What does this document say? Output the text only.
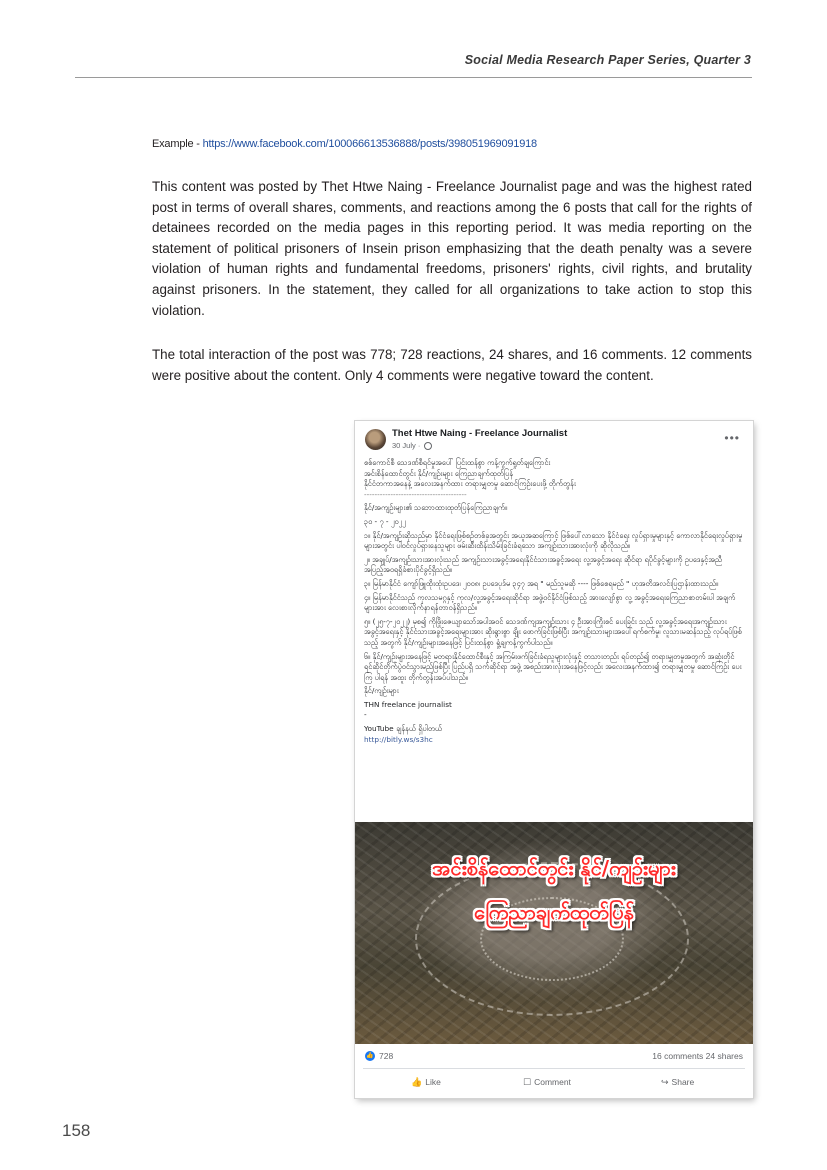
Social Media Research Paper Series, Quarter 3
Example - https://www.facebook.com/100066613536888/posts/398051969091918

This content was posted by Thet Htwe Naing - Freelance Journalist page and was the highest rated post in terms of overall shares, comments, and reactions among the 6 posts that call for the rights of detainees recorded on the media pages in this reporting period. It was media reporting on the statement of political prisoners of Insein prison emphasizing that the death penalty was a severe violation of human rights and fundamental freedoms, prisoners' rights, civil rights, and brutality against prisoners. In the statement, they called for all organizations to take action to stop this violation.

The total interaction of the post was 778; 728 reactions, 24 shares, and 16 comments. 12 comments were positive about the content. Only 4 comments were negative toward the content.

Thet Htwe Naing - Freelance Journalist
30 July ·
•••
စစ်ကောင်စီ သေဒဏ်စီရင်မှုအပေါ် ပြင်းထန်စွာ ကန့်ကွက်ရှုတ်ချကြောင်း
အင်းစိန်ထောင်တွင်း နိုင်/ကျဉ်းများ ကြေညာချက်ထုတ်ပြန်
နိုင်ငံတကာအနေနဲ့ အလေးအနက်ထား တရားမျှတမှု ဆောင်ကြဉ်းပေးဖို့ တိုက်တွန်း
---------------------------------------
နိုင်/အကျဉ်းများ၏ သဘောထားထုတ်ပြန်ကြေညာချက်။
၃၀ - ၇ - ၂၀၂၂
၁။ နိုင်/အကျဉ်းဆိုသည်မှာ နိုင်ငံရေးဖြစ်စဉ်တစ်ခုအတွင်း အယူအဆကြောင့် ဖြစ်ပေါ်လာသော နိုင်ငံရေး လှုပ်ရှားမှုများနှင့် ကောလာနိုင်ရေးလှုပ်ရှားမှုများအတွင်း ပါဝင်လှုပ်ရှားနေသူများ ဖမ်းဆီးထိန်းသိမ်းခြင်းခံရသော အကျဉ်းသားအားလုံးကို ဆိုလိုသည်။
၂။ အချုပ်/အကျဉ်းသားအားလုံးသည် အကျဉ်းသားအခွင့်အရေးနိုင်ငံသားအခွင့်အရေး လူ့အခွင့်အရေး ဆိုင်ရာ ရပိုင်ခွင့်များကို ဥပဒေနှင့်အညီ အပြည့်အဝရရှိခံစားပိုင်ခွင့်ရှိသည်။
၃။ မြန်မာနိုင်ငံ ကျော်ဖြူထိုးထုံးဥပဒေ၊ ၂၀၀၈၊ ဥပဒေပုဒ်မ ၃၄၇ အရ " မည်သူမဆို ---- ဖြစ်စေရမည် " ဟုအတိအလင်းပြဌာန်းထားသည်။
၄။ မြန်မာနိုင်ငံသည် ကုလသမဂ္ဂနှင့် ကုလ/လူ့အခွင့်အရေးဆိုင်ရာ အဖွဲ့ဝင်နိုင်ငံဖြစ်သည့် အားလျော်စွာ လူ့ အခွင့်အရေးကြေညာစာတမ်းပါ အချက်များအား လေးစားလိုက်နာရန်တာဝန်ရှိသည်။
၅။ (၂၅-၇-၂၀၂၂) မှစ၍ ကိုဖြိုးဇေယျာသော်အပါအဝင် သေဒဏ်ကျအကျဉ်းသား ၄ ဦးအားကြိုးစင် ပေးခြင်း သည် လူ့အခွင့်အရေးအကျဉ်းသားအခွင့်အရေးနှင့် နိုင်ငံသားအခွင့်အရေးများအား ဆိုးရွားစွာ ချိုး ဖောက်ခြင်းဖြစ်ပြီး အကျဉ်းသားများအပေါ်ရက်စက်မှု၊ လူသားမဆန်သည့် လုပ်ရပ်ဖြစ်သည့် အတွက် နိုင်/ကျဉ်းများအနေဖြင့် ပြင်းထန်စွာ ရှုံ့ချကန့်ကွက်ပါသည်။
၆။ နိုင်/ကျဉ်းများအနေဖြင့် မတရားနိုင်ထောင်စီးနှင့် အကြမ်းဖက်ခြင်းခံရသူများလုံးနှင့် တသားတည်း ရပ်တည်၍ တရားမျှတမှုအတွက် အဆုံးတိုင်ရင်ဆိုင်တိုက်ပွဲဝင်သွားမည်ဖြစ်ပြီး ပြည်ပရှိ သက်ဆိုင်ရာ အဖွဲ့ အစည်းအားလုံးအနေဖြင့်လည်း အလေးအနက်ထား၍ တရားမျှတမှု ဆောင်ကြဉ်း ပေးကြ ပါရန် အထူး တိုက်တွန်းအပ်ပါသည်။
နိုင်/ကျဉ်းများ
THN freelance journalist
-
YouTube ချန်နယ် ရှိပါတယ်
http://bitly.ws/s3hc
အင်းစိန်ထောင်တွင်း နိုင်/ကျဉ်းများ
ကြေညာချက်ထုတ်ပြန်
👍 728	16 comments 24 shares
👍 Like	☐ Comment	↪ Share
158
